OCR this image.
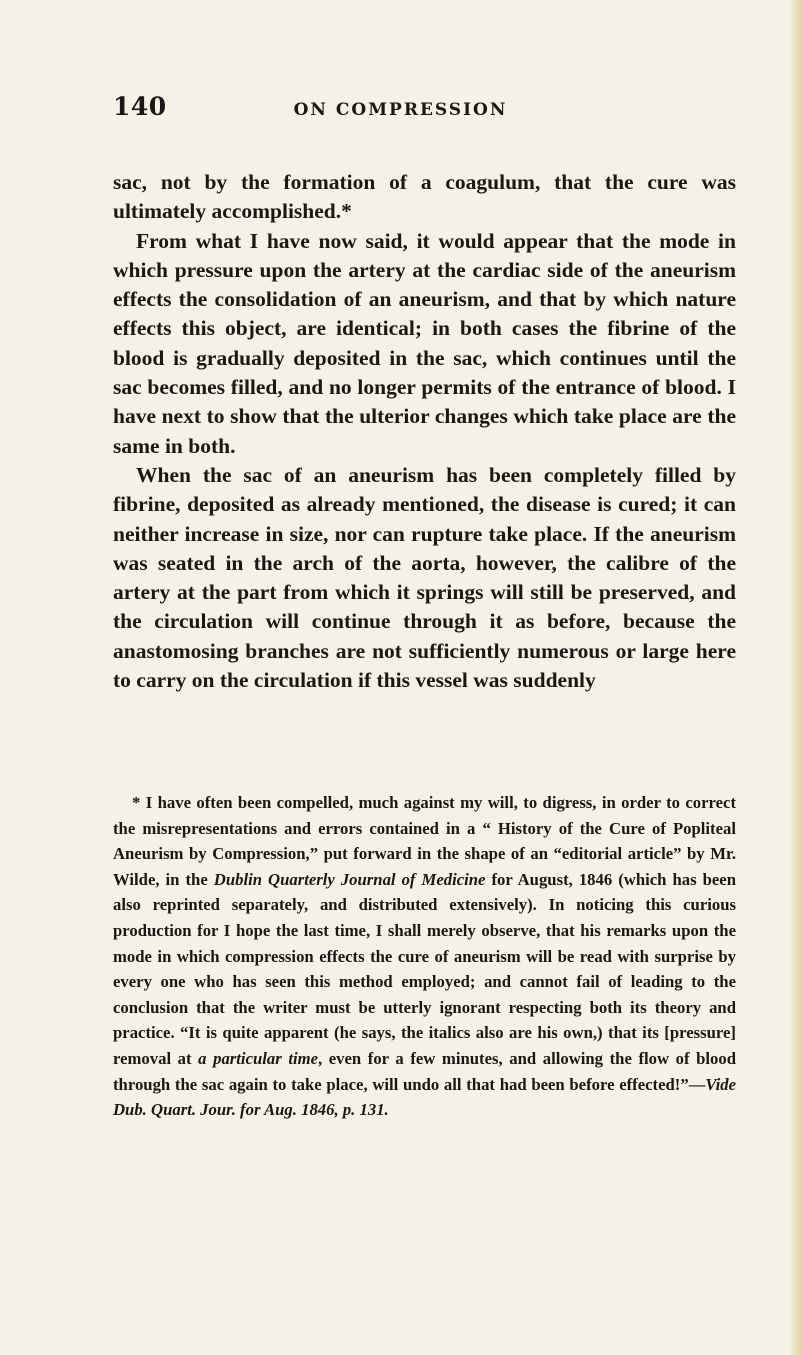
140	ON COMPRESSION

sac, not by the formation of a coagulum, that the cure was ultimately accomplished.*

From what I have now said, it would appear that the mode in which pressure upon the artery at the cardiac side of the aneurism effects the consolidation of an aneurism, and that by which nature effects this object, are identical; in both cases the fibrine of the blood is gradually deposited in the sac, which continues until the sac becomes filled, and no longer permits of the entrance of blood. I have next to show that the ulterior changes which take place are the same in both.

When the sac of an aneurism has been completely filled by fibrine, deposited as already mentioned, the disease is cured; it can neither increase in size, nor can rupture take place. If the aneurism was seated in the arch of the aorta, however, the calibre of the artery at the part from which it springs will still be preserved, and the circulation will continue through it as before, because the anastomosing branches are not sufficiently numerous or large here to carry on the circulation if this vessel was suddenly

* I have often been compelled, much against my will, to digress, in order to correct the misrepresentations and errors contained in a “ History of the Cure of Popliteal Aneurism by Compression,” put forward in the shape of an “editorial article” by Mr. Wilde, in the Dublin Quarterly Journal of Medicine for August, 1846 (which has been also reprinted separately, and distributed extensively). In noticing this curious production for I hope the last time, I shall merely observe, that his remarks upon the mode in which compression effects the cure of aneurism will be read with surprise by every one who has seen this method employed; and cannot fail of leading to the conclusion that the writer must be utterly ignorant respecting both its theory and practice. “It is quite apparent (he says, the italics also are his own,) that its [pressure] removal at a particular time, even for a few minutes, and allowing the flow of blood through the sac again to take place, will undo all that had been before effected!”—Vide Dub. Quart. Jour. for Aug. 1846, p. 131.
